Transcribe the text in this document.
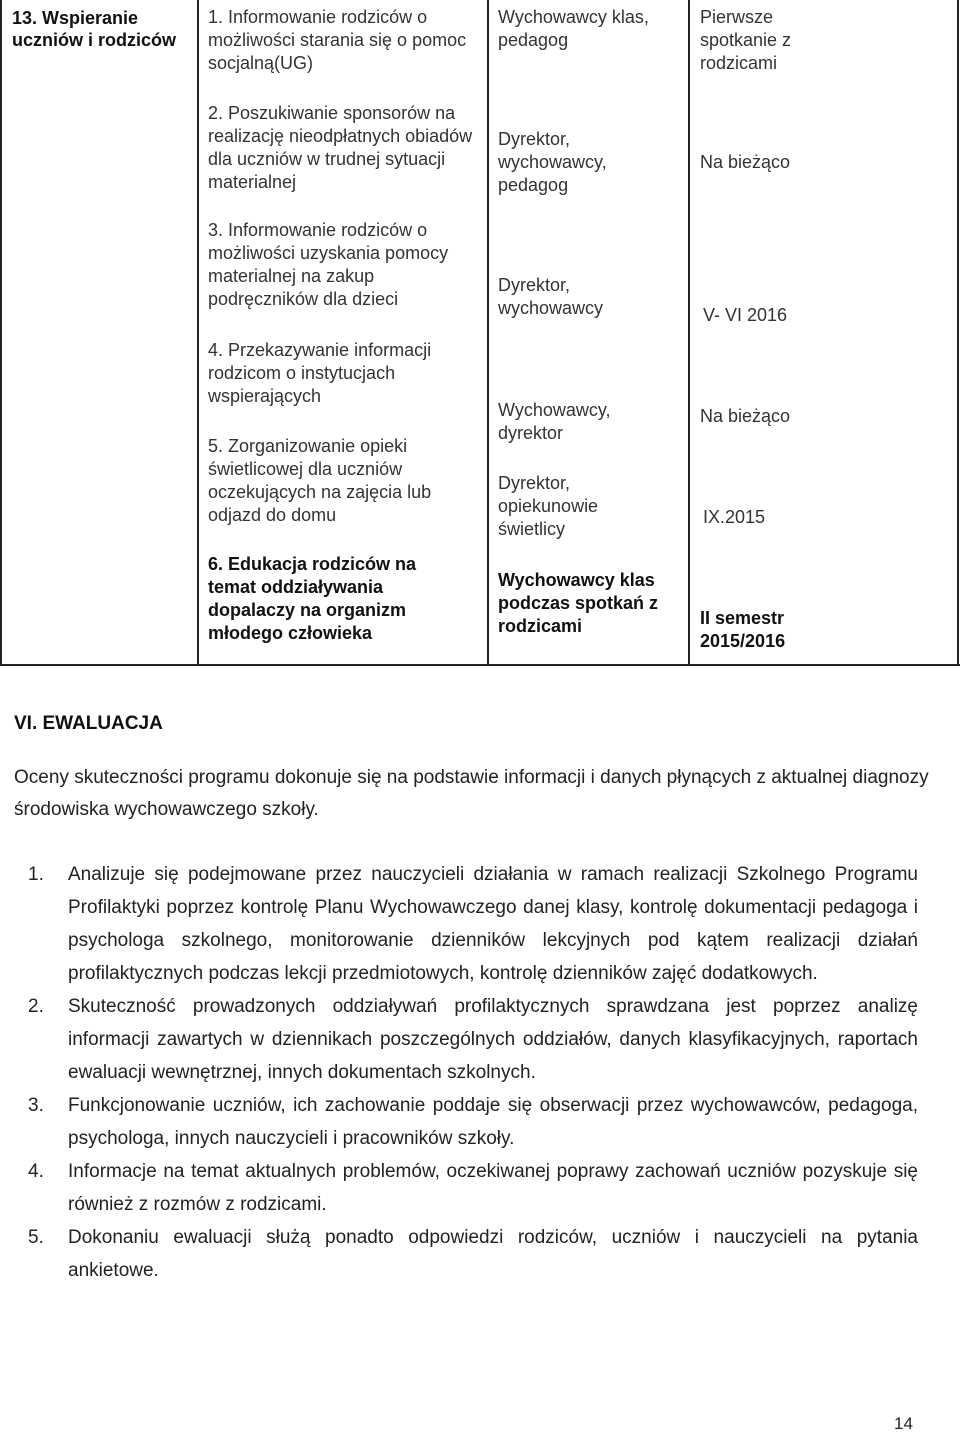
13. Wspieranie uczniów i rodziców
1. Informowanie rodziców o możliwości starania się o pomoc socjalną(UG)
Wychowawcy klas, pedagog
Pierwsze spotkanie z rodzicami
2. Poszukiwanie sponsorów na realizację nieodpłatnych obiadów dla uczniów w trudnej sytuacji materialnej
Dyrektor, wychowawcy, pedagog
Na bieżąco
3. Informowanie rodziców o możliwości uzyskania pomocy materialnej na zakup podręczników dla dzieci
Dyrektor, wychowawcy	V- VI 2016
4. Przekazywanie informacji rodzicom o instytucjach wspierających
Wychowawcy, dyrektor
Na bieżąco
5. Zorganizowanie opieki świetlicowej dla uczniów oczekujących na zajęcia lub odjazd do domu
Dyrektor, opiekunowie świetlicy
IX.2015
6. Edukacja rodziców na temat oddziaływania dopalaczy na organizm młodego człowieka
Wychowawcy klas podczas spotkań z rodzicami	II semestr 2015/2016
VI. EWALUACJA
Oceny skuteczności programu dokonuje się na podstawie informacji i danych płynących z aktualnej diagnozy środowiska wychowawczego szkoły.
1. Analizuje się podejmowane przez nauczycieli działania w ramach realizacji Szkolnego Programu Profilaktyki poprzez kontrolę Planu Wychowawczego danej klasy, kontrolę dokumentacji pedagoga i psychologa szkolnego, monitorowanie dzienników lekcyjnych pod kątem realizacji działań profilaktycznych podczas lekcji przedmiotowych, kontrolę dzienników zajęć dodatkowych.
2. Skuteczność prowadzonych oddziaływań profilaktycznych sprawdzana jest poprzez analizę informacji zawartych w dziennikach poszczególnych oddziałów, danych klasyfikacyjnych, raportach ewaluacji wewnętrznej, innych dokumentach szkolnych.
3. Funkcjonowanie uczniów, ich zachowanie poddaje się obserwacji przez wychowawców, pedagoga, psychologa, innych nauczycieli i pracowników szkoły.
4. Informacje na temat aktualnych problemów, oczekiwanej poprawy zachowań uczniów pozyskuje się również z rozmów z rodzicami.
5. Dokonaniu ewaluacji służą ponadto odpowiedzi rodziców, uczniów i nauczycieli na pytania ankietowe.
14
